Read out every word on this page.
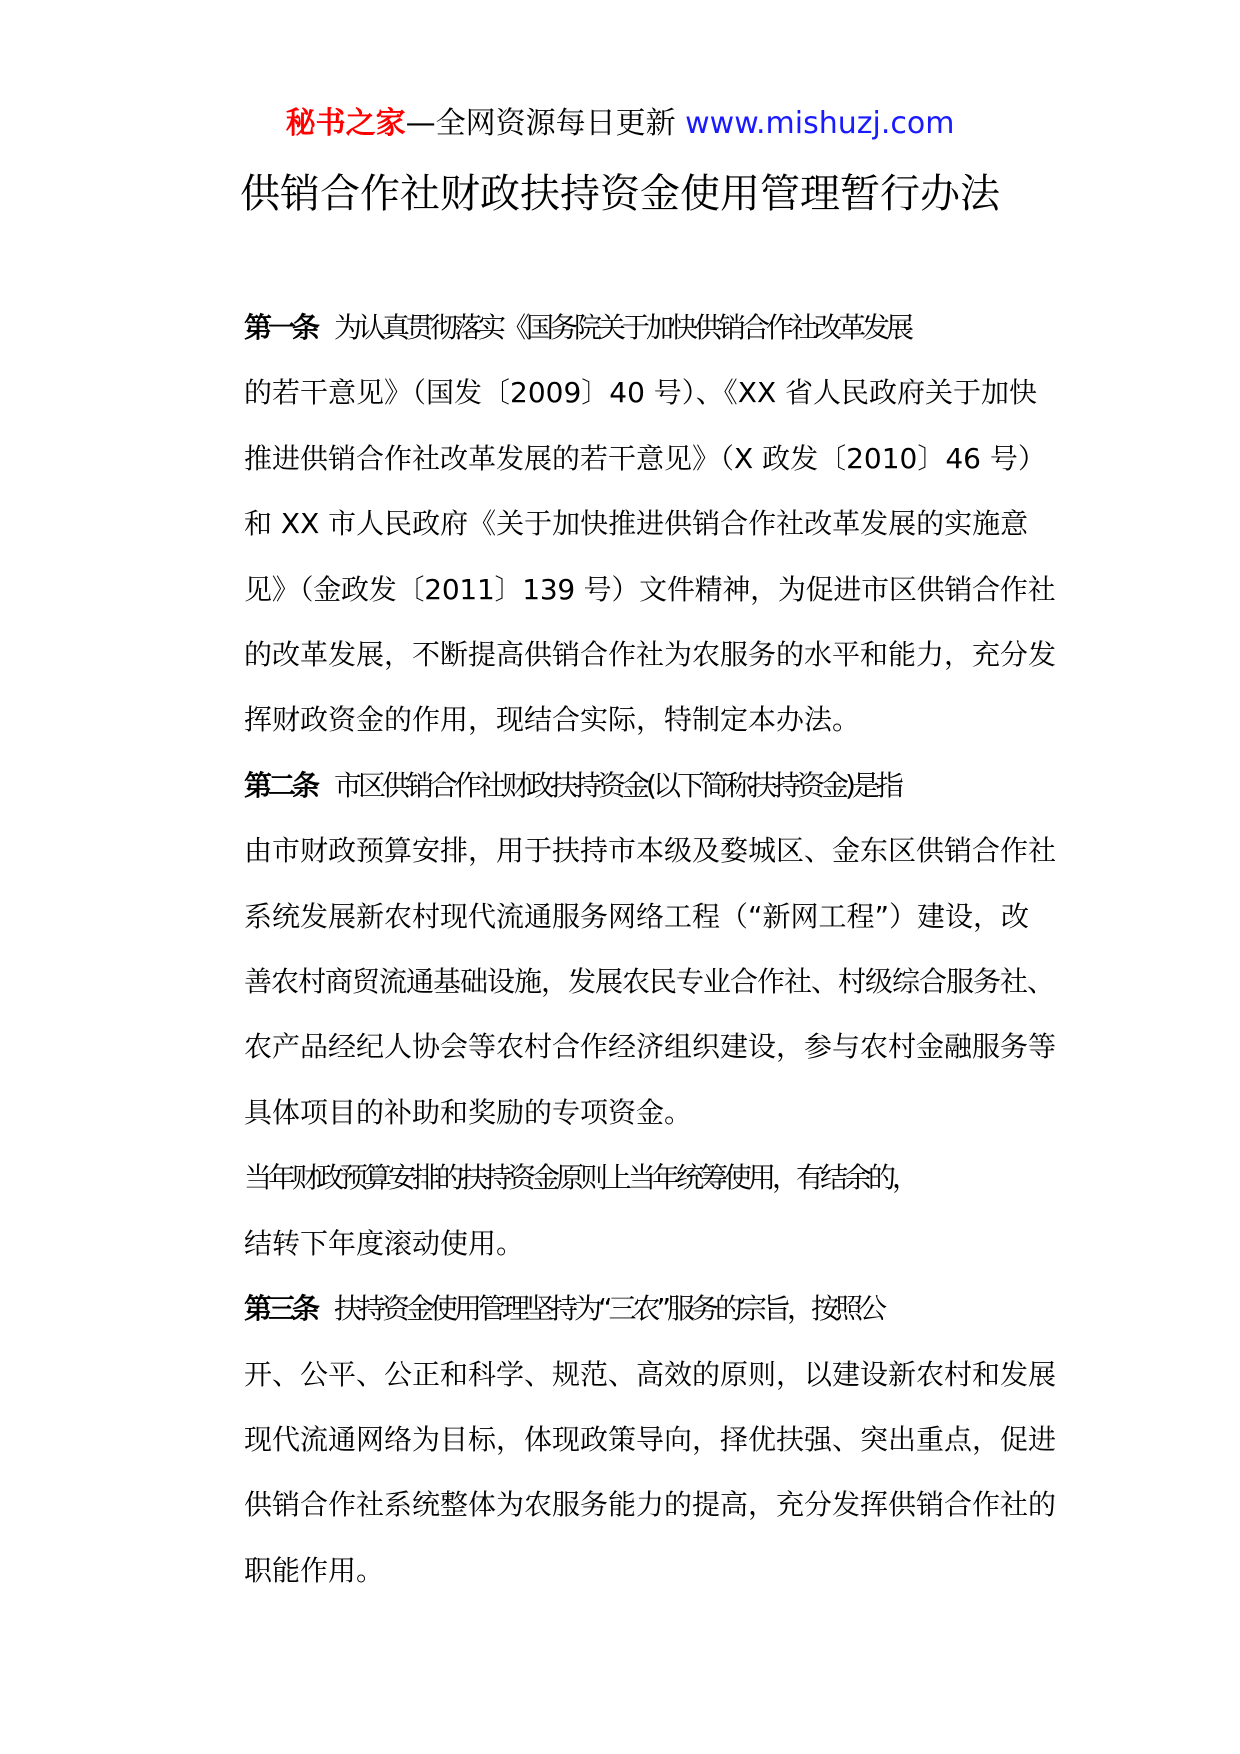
秘书之家—全网资源每日更新 www.mishuzj.com
供销合作社财政扶持资金使用管理暂行办法

第一条 为认真贯彻落实《国务院关于加快供销合作社改革发展
的若干意见》（国发〔2009〕40 号）、《XX 省人民政府关于加快
推进供销合作社改革发展的若干意见》（X 政发〔2010〕46 号）
和 XX 市人民政府《关于加快推进供销合作社改革发展的实施意
见》（金政发〔2011〕139 号）文件精神，为促进市区供销合作社
的改革发展，不断提高供销合作社为农服务的水平和能力，充分发
挥财政资金的作用，现结合实际，特制定本办法。

第二条 市区供销合作社财政扶持资金(以下简称扶持资金)是指
由市财政预算安排，用于扶持市本级及婺城区、金东区供销合作社
系统发展新农村现代流通服务网络工程（“新网工程”）建设，改
善农村商贸流通基础设施，发展农民专业合作社、村级综合服务社、
农产品经纪人协会等农村合作经济组织建设，参与农村金融服务等
具体项目的补助和奖励的专项资金。

当年财政预算安排的扶持资金原则上当年统筹使用，有结余的，
结转下年度滚动使用。

第三条 扶持资金使用管理坚持为“三农”服务的宗旨，按照公
开、公平、公正和科学、规范、高效的原则，以建设新农村和发展
现代流通网络为目标，体现政策导向，择优扶强、突出重点，促进
供销合作社系统整体为农服务能力的提高，充分发挥供销合作社的
职能作用。
